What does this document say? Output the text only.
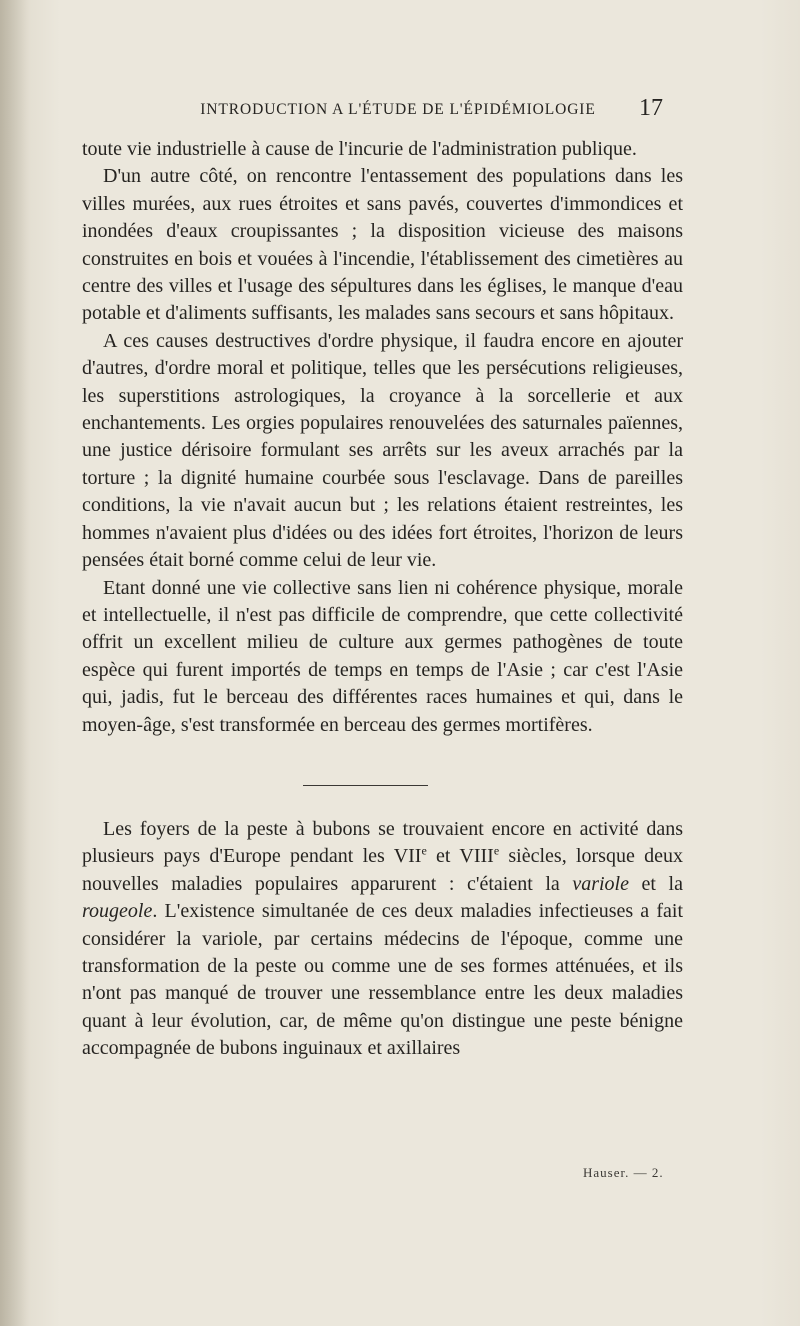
INTRODUCTION A L'ÉTUDE DE L'ÉPIDÉMIOLOGIE	17

toute vie industrielle à cause de l'incurie de l'administration publique.

D'un autre côté, on rencontre l'entassement des populations dans les villes murées, aux rues étroites et sans pavés, couvertes d'immondices et inondées d'eaux croupissantes ; la disposition vicieuse des maisons construites en bois et vouées à l'incendie, l'établissement des cimetières au centre des villes et l'usage des sépultures dans les églises, le manque d'eau potable et d'aliments suffisants, les malades sans secours et sans hôpitaux.

A ces causes destructives d'ordre physique, il faudra encore en ajouter d'autres, d'ordre moral et politique, telles que les persécutions religieuses, les superstitions astrologiques, la croyance à la sorcellerie et aux enchantements. Les orgies populaires renouvelées des saturnales païennes, une justice dérisoire formulant ses arrêts sur les aveux arrachés par la torture ; la dignité humaine courbée sous l'esclavage. Dans de pareilles conditions, la vie n'avait aucun but ; les relations étaient restreintes, les hommes n'avaient plus d'idées ou des idées fort étroites, l'horizon de leurs pensées était borné comme celui de leur vie.

Etant donné une vie collective sans lien ni cohérence physique, morale et intellectuelle, il n'est pas difficile de comprendre, que cette collectivité offrit un excellent milieu de culture aux germes pathogènes de toute espèce qui furent importés de temps en temps de l'Asie ; car c'est l'Asie qui, jadis, fut le berceau des différentes races humaines et qui, dans le moyen-âge, s'est transformée en berceau des germes mortifères.

Les foyers de la peste à bubons se trouvaient encore en activité dans plusieurs pays d'Europe pendant les VIIe et VIIIe siècles, lorsque deux nouvelles maladies populaires apparurent : c'étaient la variole et la rougeole. L'existence simultanée de ces deux maladies infectieuses a fait considérer la variole, par certains médecins de l'époque, comme une transformation de la peste ou comme une de ses formes atténuées, et ils n'ont pas manqué de trouver une ressemblance entre les deux maladies quant à leur évolution, car, de même qu'on distingue une peste bénigne accompagnée de bubons inguinaux et axillaires

Hauser. — 2.
